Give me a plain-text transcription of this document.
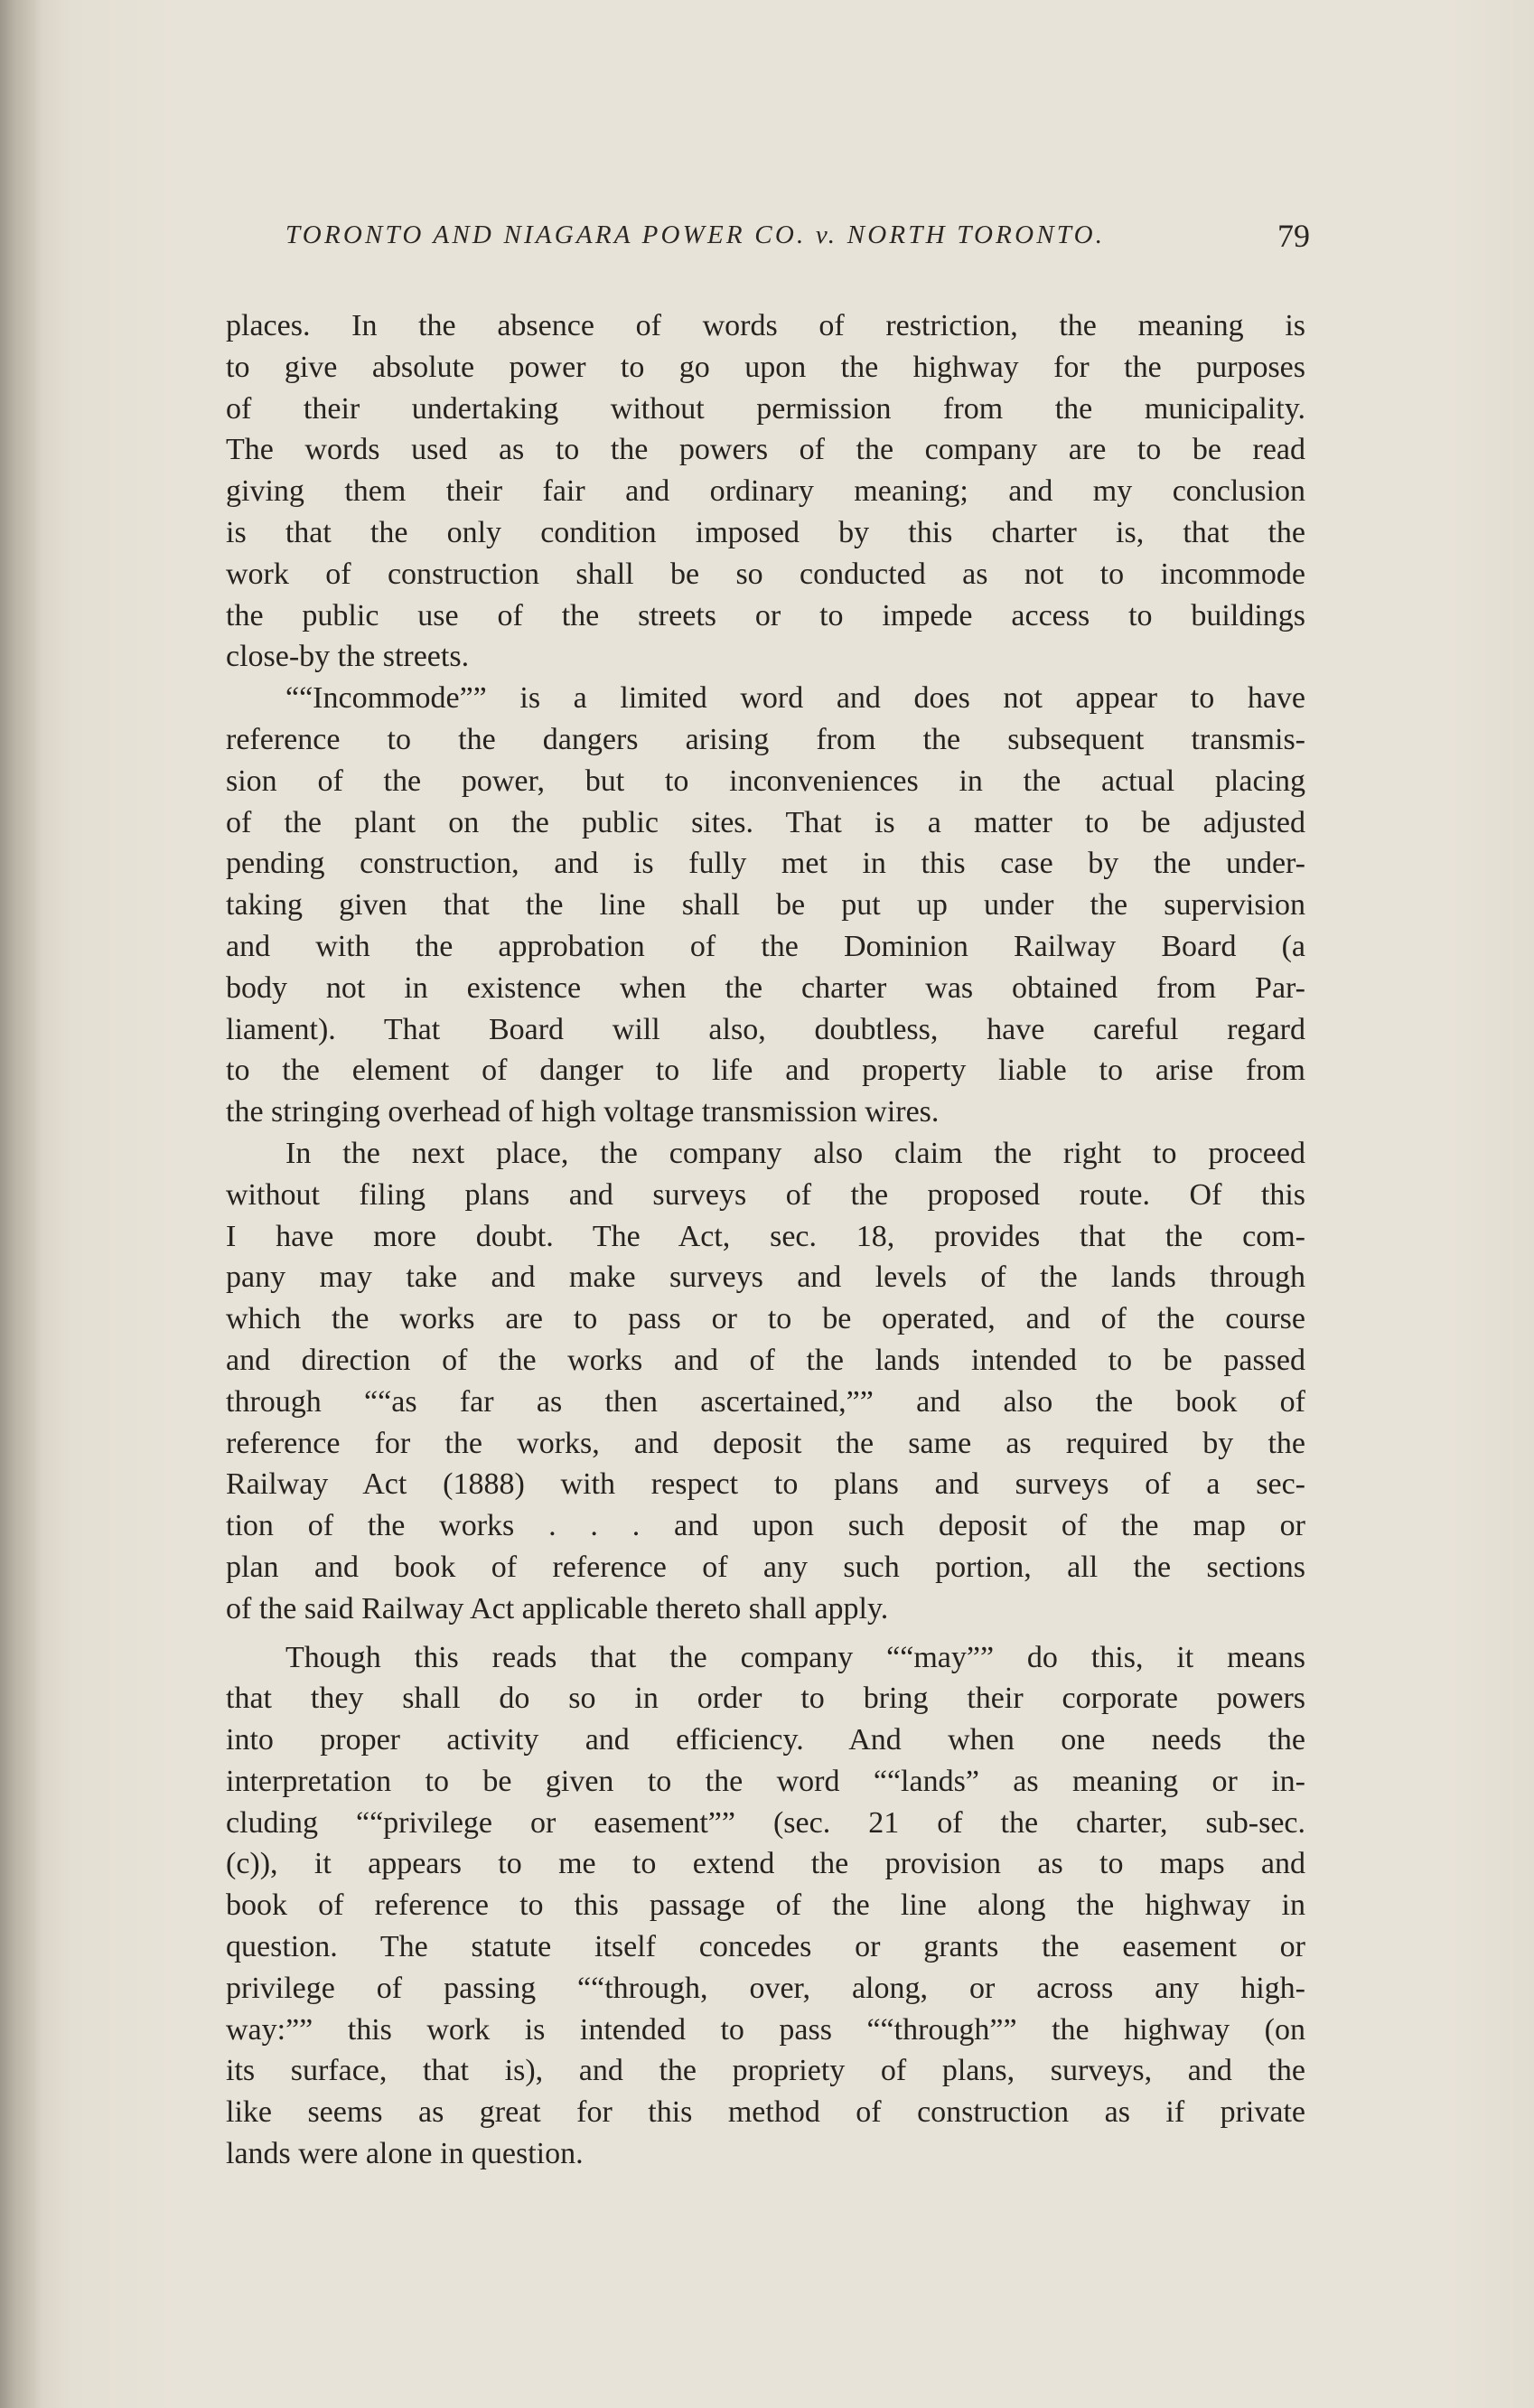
TORONTO AND NIAGARA POWER CO. v. NORTH TORONTO.	79

places. In the absence of words of restriction, the meaning is
to give absolute power to go upon the highway for the purposes
of their undertaking without permission from the municipality.
The words used as to the powers of the company are to be read
giving them their fair and ordinary meaning; and my conclusion
is that the only condition imposed by this charter is, that the
work of construction shall be so conducted as not to incommode
the public use of the streets or to impede access to buildings
close-by the streets.

““Incommode”” is a limited word and does not appear to have
reference to the dangers arising from the subsequent transmis-
sion of the power, but to inconveniences in the actual placing
of the plant on the public sites. That is a matter to be adjusted
pending construction, and is fully met in this case by the under-
taking given that the line shall be put up under the supervision
and with the approbation of the Dominion Railway Board (a
body not in existence when the charter was obtained from Par-
liament). That Board will also, doubtless, have careful regard
to the element of danger to life and property liable to arise from
the stringing overhead of high voltage transmission wires.

In the next place, the company also claim the right to proceed
without filing plans and surveys of the proposed route. Of this
I have more doubt. The Act, sec. 18, provides that the com-
pany may take and make surveys and levels of the lands through
which the works are to pass or to be operated, and of the course
and direction of the works and of the lands intended to be passed
through ““as far as then ascertained,”” and also the book of
reference for the works, and deposit the same as required by the
Railway Act (1888) with respect to plans and surveys of a sec-
tion of the works . . . and upon such deposit of the map or
plan and book of reference of any such portion, all the sections
of the said Railway Act applicable thereto shall apply.

Though this reads that the company ““may”” do this, it means
that they shall do so in order to bring their corporate powers
into proper activity and efficiency. And when one needs the
interpretation to be given to the word ““lands” as meaning or in-
cluding ““privilege or easement”” (sec. 21 of the charter, sub-sec.
(c)), it appears to me to extend the provision as to maps and
book of reference to this passage of the line along the highway in
question. The statute itself concedes or grants the easement or
privilege of passing ““through, over, along, or across any high-
way:”” this work is intended to pass ““through”” the highway (on
its surface, that is), and the propriety of plans, surveys, and the
like seems as great for this method of construction as if private
lands were alone in question.
